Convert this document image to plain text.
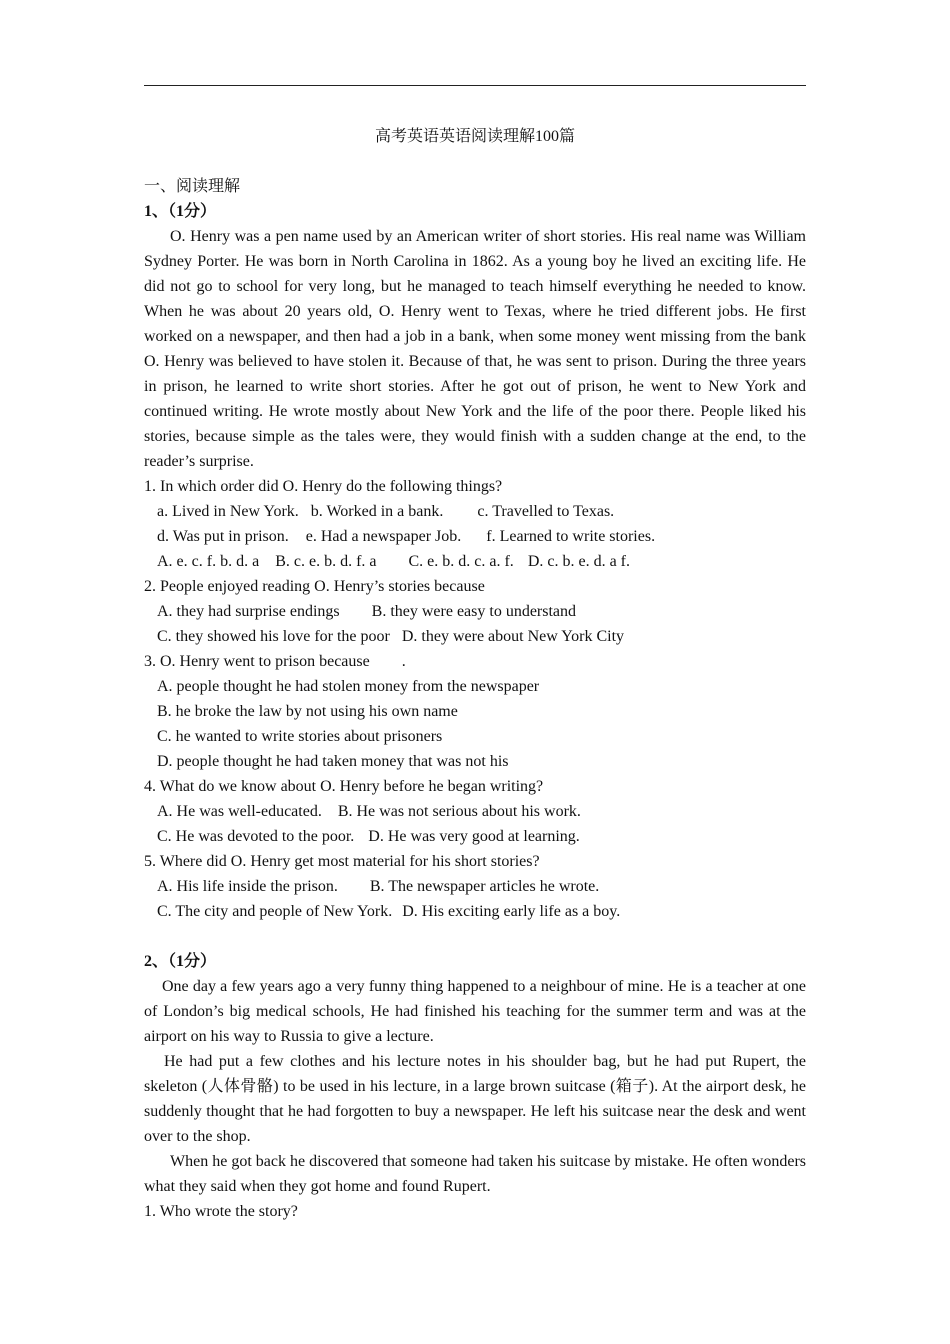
高考英语英语阅读理解100篇
一、阅读理解
1、（1分）
O. Henry was a pen name used by an American writer of short stories. His real name was William Sydney Porter. He was born in North Carolina in 1862. As a young boy he lived an exciting life. He did not go to school for very long, but he managed to teach himself everything he needed to know. When he was about 20 years old, O. Henry went to Texas, where he tried different jobs. He first worked on a newspaper, and then had a job in a bank, when some money went missing from the bank O. Henry was believed to have stolen it. Because of that, he was sent to prison. During the three years in prison, he learned to write short stories. After he got out of prison, he went to New York and continued writing. He wrote mostly about New York and the life of the poor there. People liked his stories, because simple as the tales were, they would finish with a sudden change at the end, to the reader’s surprise.
1. In which order did O. Henry do the following things?
a. Lived in New York. b. Worked in a bank. c. Travelled to Texas.
d. Was put in prison. e. Had a newspaper Job. f. Learned to write stories.
A. e. c. f. b. d. a B. c. e. b. d. f. a C. e. b. d. c. a. f. D. c. b. e. d. a f.
2. People enjoyed reading O. Henry’s stories because
A. they had surprise endings B. they were easy to understand
C. they showed his love for the poor D. they were about New York City
3. O. Henry went to prison because .
A. people thought he had stolen money from the newspaper
B. he broke the law by not using his own name
C. he wanted to write stories about prisoners
D. people thought he had taken money that was not his
4. What do we know about O. Henry before he began writing?
A. He was well-educated. B. He was not serious about his work.
C. He was devoted to the poor. D. He was very good at learning.
5. Where did O. Henry get most material for his short stories?
A. His life inside the prison. B. The newspaper articles he wrote.
C. The city and people of New York. D. His exciting early life as a boy.
2、（1分）
One day a few years ago a very funny thing happened to a neighbour of mine. He is a teacher at one of London’s big medical schools, He had finished his teaching for the summer term and was at the airport on his way to Russia to give a lecture.
He had put a few clothes and his lecture notes in his shoulder bag, but he had put Rupert, the skeleton (人体骨骼) to be used in his lecture, in a large brown suitcase (箱子). At the airport desk, he suddenly thought that he had forgotten to buy a newspaper. He left his suitcase near the desk and went over to the shop.
When he got back he discovered that someone had taken his suitcase by mistake. He often wonders what they said when they got home and found Rupert.
1. Who wrote the story?
